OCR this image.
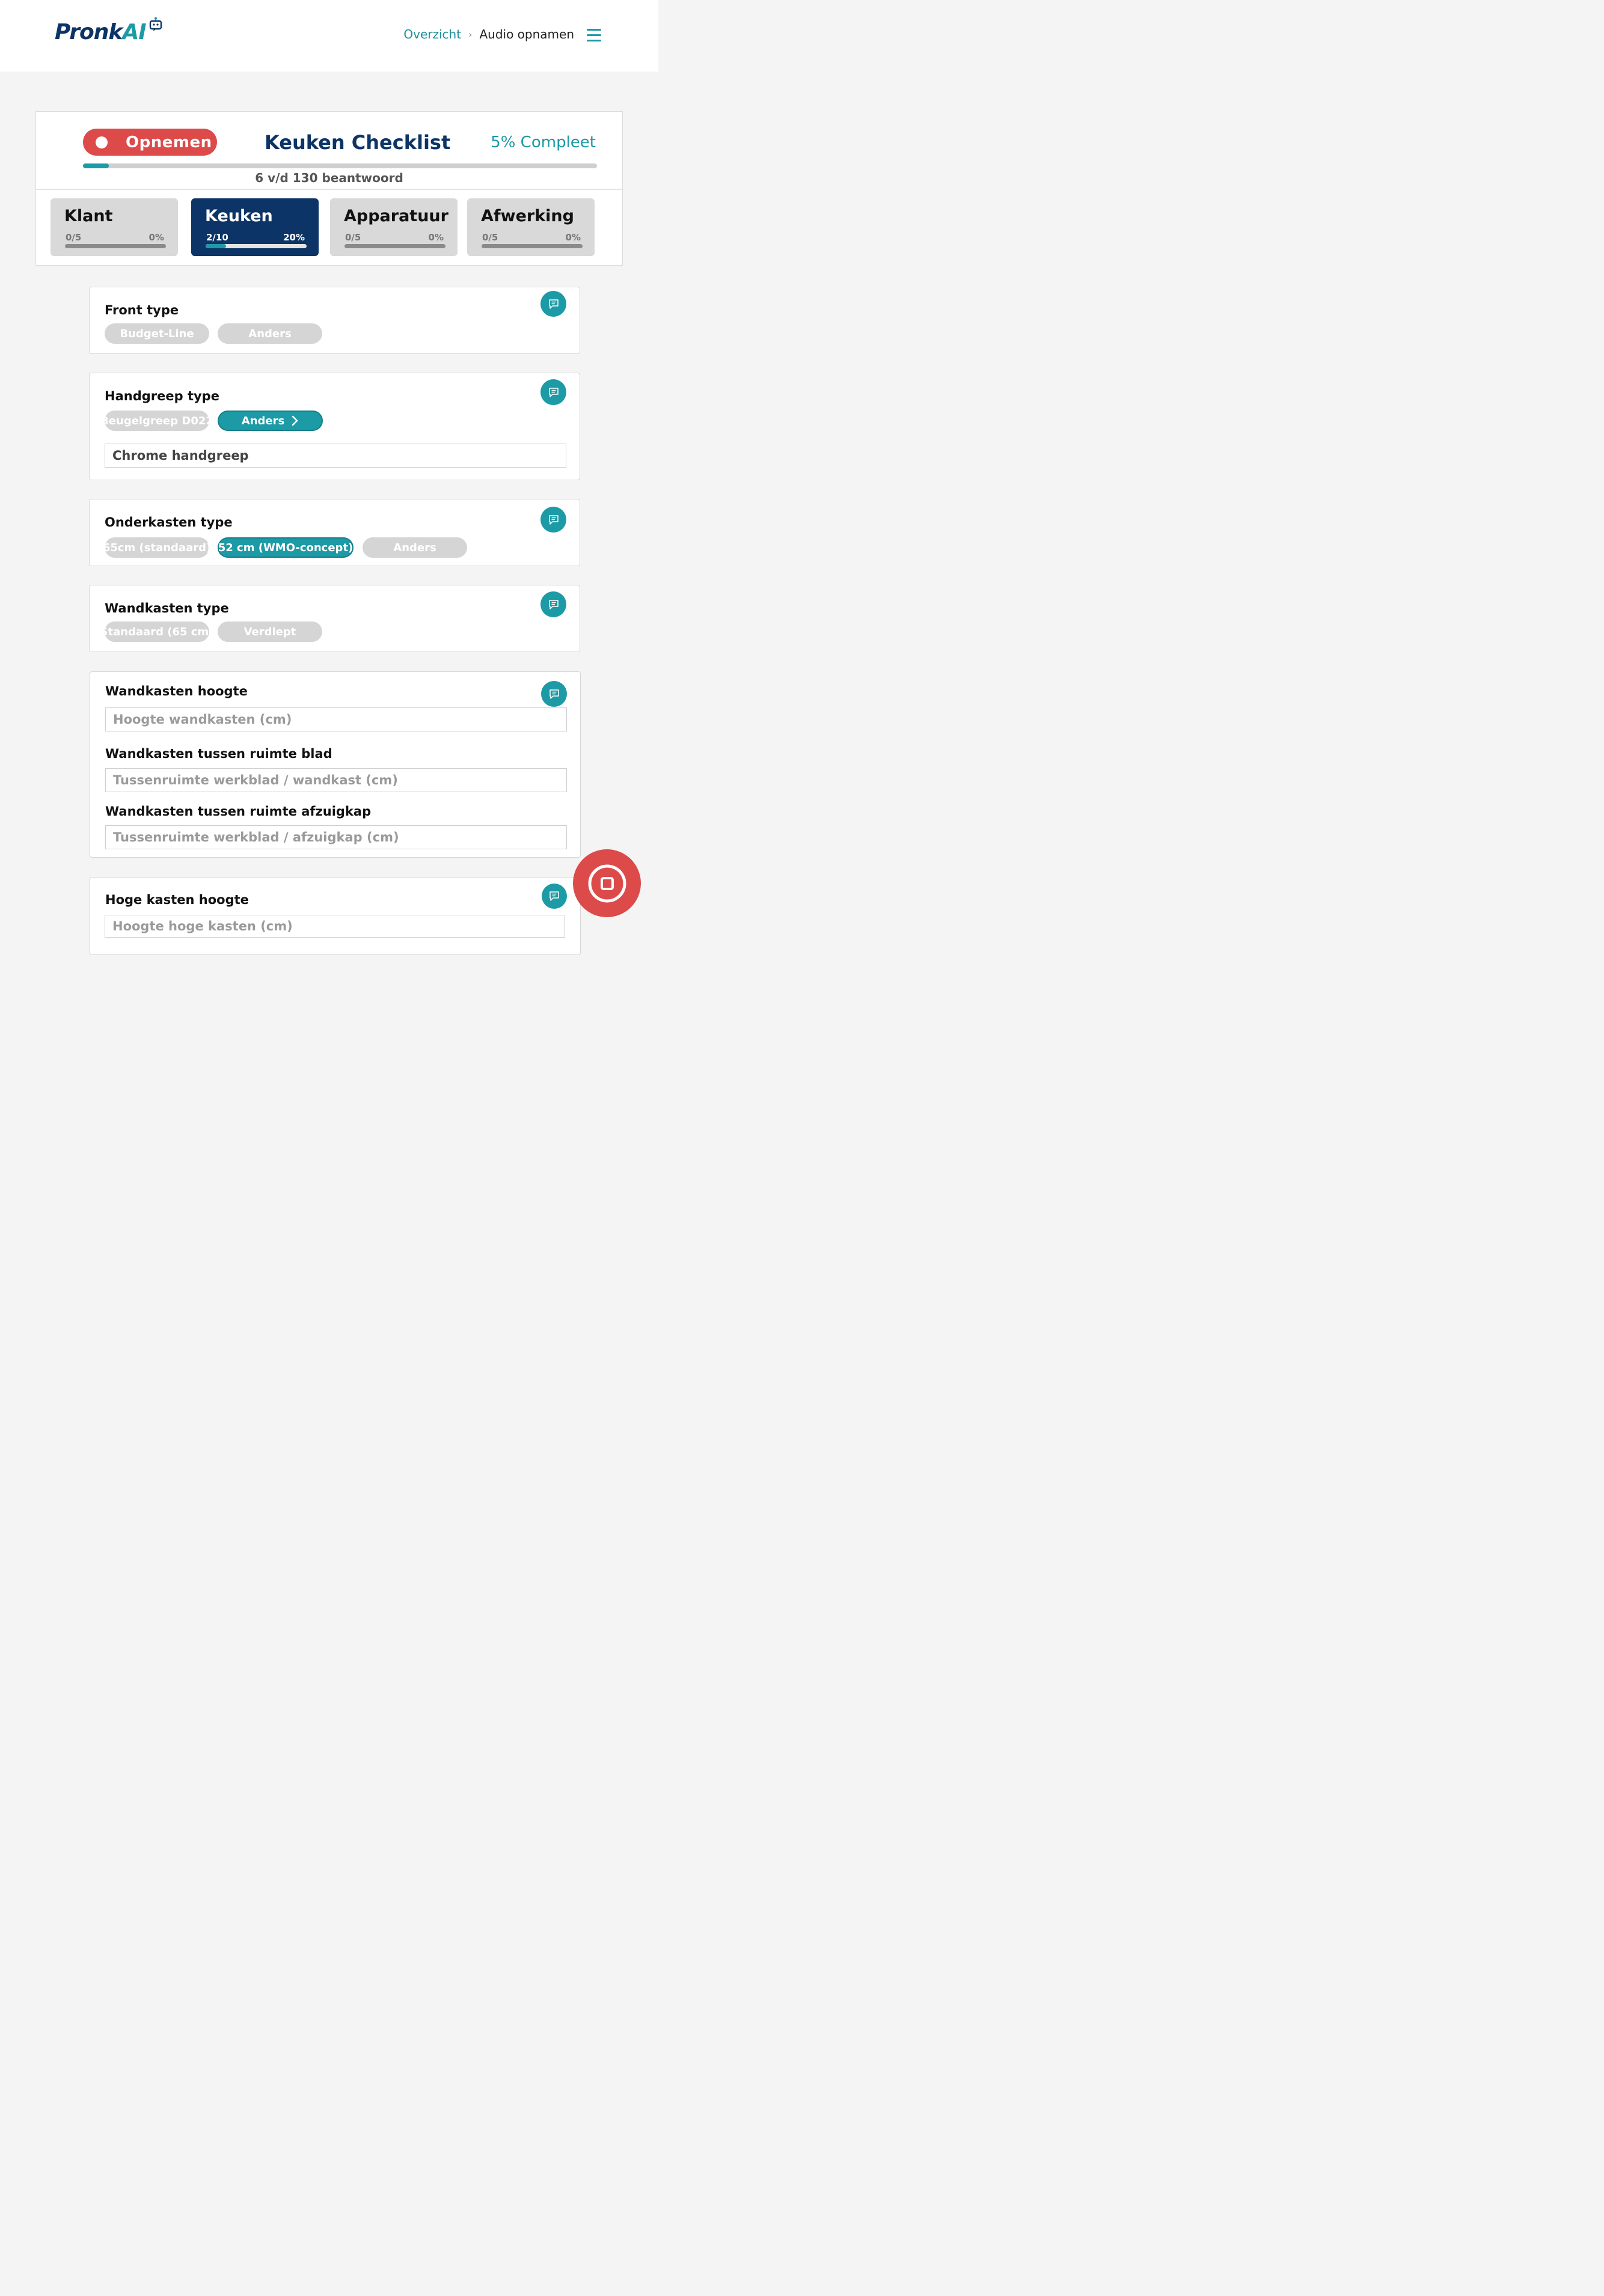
PronkAI	Overzicht › Audio opnamen
Opnemen	Keuken Checklist	5% Compleet
6 v/d 130 beantwoord
Klant
0/5	0%
Keuken
2/10	20%
Apparatuur
0/5	0%
Afwerking
0/5	0%
Front type
Budget-Line	Anders
Handgreep type
Beugelgreep D022	Anders
Chrome handgreep
Onderkasten type
65cm (standaard) 52 cm (WMO-concept)	Anders
Wandkasten type
Standaard (65 cm)	Verdiept
Wandkasten hoogte
Hoogte wandkasten (cm)
Wandkasten tussen ruimte blad
Tussenruimte werkblad / wandkast (cm)
Wandkasten tussen ruimte afzuigkap
Tussenruimte werkblad / afzuigkap (cm)
Hoge kasten hoogte
Hoogte hoge kasten (cm)
